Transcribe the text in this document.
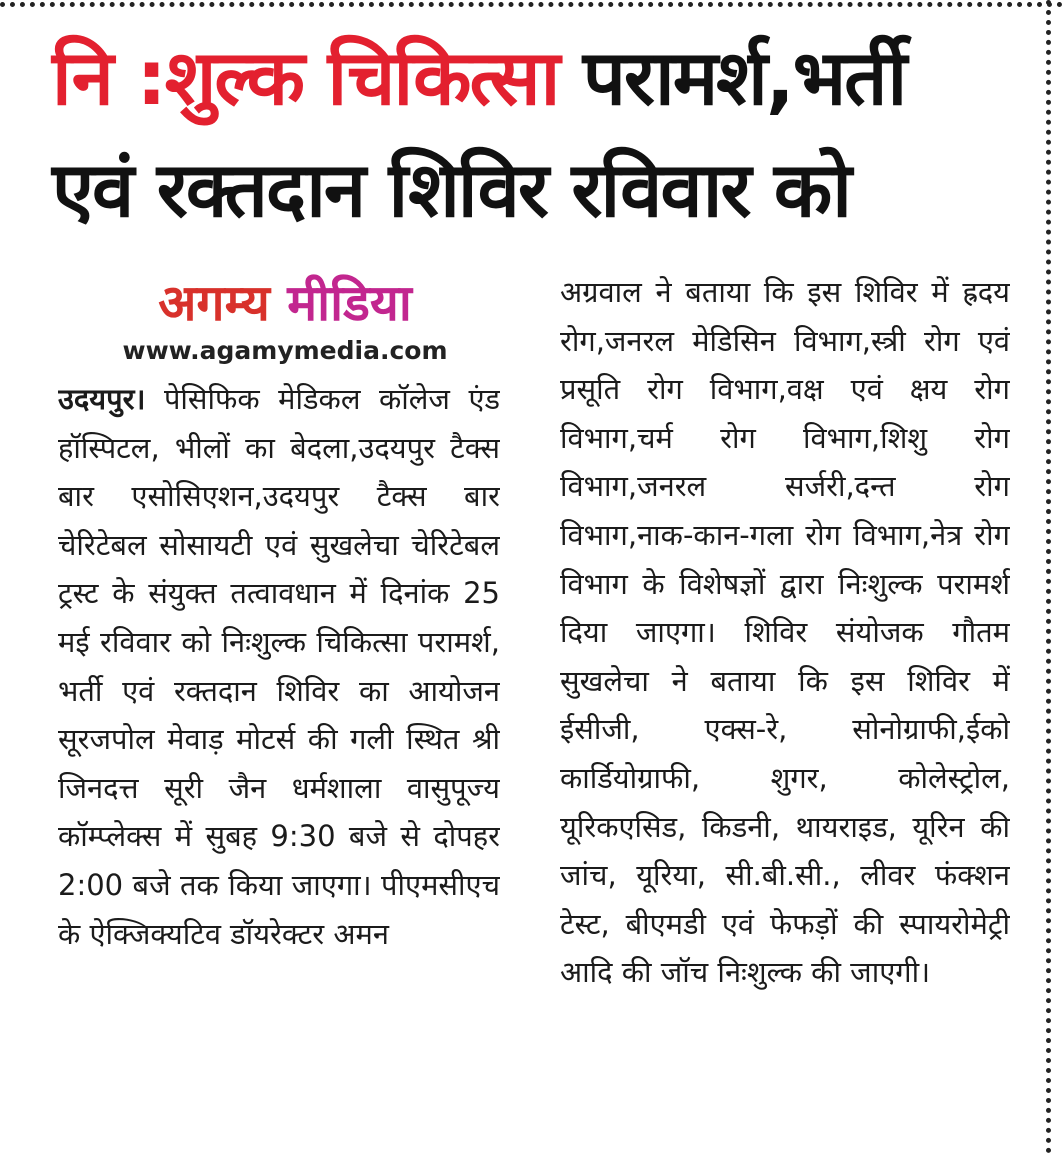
नि :शुल्क चिकित्सा परामर्श,भर्ती
एवं रक्तदान शिविर रविवार को
अगम्य मीडिया
www.agamymedia.com
उदयपुर। पेसिफिक मेडिकल कॉलेज एंड हॉस्पिटल, भीलों का बेदला,उदयपुर टैक्स बार एसोसिएशन,उदयपुर टैक्स बार चेरिटेबल सोसायटी एवं सुखलेचा चेरिटेबल ट्रस्ट के संयुक्त तत्वावधान में दिनांक 25 मई रविवार को निःशुल्क चिकित्सा परामर्श, भर्ती एवं रक्तदान शिविर का आयोजन सूरजपोल मेवाड़ मोटर्स की गली स्थित श्री जिनदत्त सूरी जैन धर्मशाला वासुपूज्य कॉम्प्लेक्स में सुबह 9:30 बजे से दोपहर 2:00 बजे तक किया जाएगा। पीएमसीएच के ऐक्जिक्यटिव डॉयरेक्टर अमन
अग्रवाल ने बताया कि इस शिविर में ह्रदय रोग,जनरल मेडिसिन विभाग,स्त्री रोग एवं प्रसूति रोग विभाग,वक्ष एवं क्षय रोग विभाग,चर्म रोग विभाग,शिशु रोग विभाग,जनरल सर्जरी,दन्त रोग विभाग,नाक-कान-गला रोग विभाग,नेत्र रोग विभाग के विशेषज्ञों द्वारा निःशुल्क परामर्श दिया जाएगा। शिविर संयोजक गौतम सुखलेचा ने बताया कि इस शिविर में ईसीजी, एक्स-रे, सोनोग्राफी,ईको कार्डियोग्राफी, शुगर, कोलेस्ट्रोल, यूरिकएसिड, किडनी, थायराइड, यूरिन की जांच, यूरिया, सी.बी.सी., लीवर फंक्शन टेस्ट, बीएमडी एवं फेफड़ों की स्पायरोमेट्री आदि की जॉच निःशुल्क की जाएगी।
